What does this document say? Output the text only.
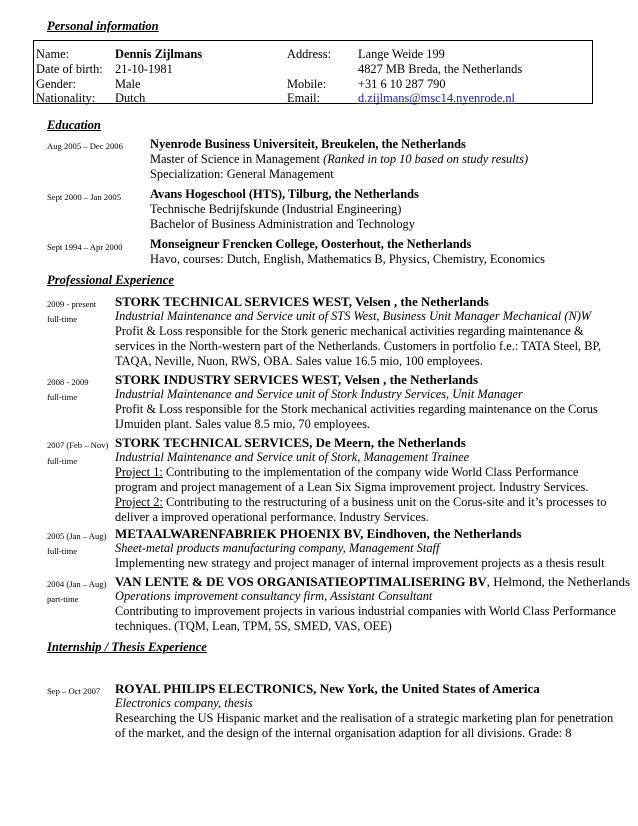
Personal information
Name:	Dennis Zijlmans
Date of birth: 21-10-1981
Gender:	Male
Nationality: Dutch
Address: Lange Weide 199
4827 MB Breda, the Netherlands
Mobile:	+31 6 10 287 790
Email:	d.zijlmans@msc14.nyenrode.nl
Education
Aug 2005 – Dec 2006 Nyenrode Business Universiteit, Breukelen, the Netherlands
Master of Science in Management (Ranked in top 10 based on study results)
Specialization: General Management
Sept 2000 – Jan 2005 Avans Hogeschool (HTS), Tilburg, the Netherlands
Technische Bedrijfskunde (Industrial Engineering)
Bachelor of Business Administration and Technology
Sept 1994 – Apr 2000 Monseigneur Frencken College, Oosterhout, the Netherlands
Havo, courses: Dutch, English, Mathematics B, Physics, Chemistry, Economics
Professional Experience
2009 - present
full-time
STORK TECHNICAL SERVICES WEST, Velsen , the Netherlands
Industrial Maintenance and Service unit of STS West, Business Unit Manager Mechanical (N)W
Profit & Loss responsible for the Stork generic mechanical activities regarding maintenance &
services in the North-western part of the Netherlands. Customers in portfolio f.e.: TATA Steel, BP,
TAQA, Neville, Nuon, RWS, OBA. Sales value 16.5 mio, 100 employees.
2008 - 2009
full-time
STORK INDUSTRY SERVICES WEST, Velsen , the Netherlands
Industrial Maintenance and Service unit of Stork Industry Services, Unit Manager
Profit & Loss responsible for the Stork mechanical activities regarding maintenance on the Corus
IJmuiden plant. Sales value 8.5 mio, 70 employees.
2007 (Feb – Nov)
full-time
STORK TECHNICAL SERVICES, De Meern, the Netherlands
Industrial Maintenance and Service unit of Stork, Management Trainee
Project 1: Contributing to the implementation of the company wide World Class Performance
program and project management of a Lean Six Sigma improvement project. Industry Services.
Project 2: Contributing to the restructuring of a business unit on the Corus-site and it’s processes to
deliver a improved operational performance. Industry Services.
2005 (Jan – Aug)
full-time
METAALWARENFABRIEK PHOENIX BV, Eindhoven, the Netherlands
Sheet-metal products manufacturing company, Management Staff
Implementing new strategy and project manager of internal improvement projects as a thesis result
2004 (Jan – Aug)
part-time
VAN LENTE & DE VOS ORGANISATIEOPTIMALISERING BV, Helmond, the Netherlands
Operations improvement consultancy firm, Assistant Consultant
Contributing to improvement projects in various industrial companies with World Class Performance
techniques. (TQM, Lean, TPM, 5S, SMED, VAS, OEE)
Internship / Thesis Experience
Sep – Oct 2007 ROYAL PHILIPS ELECTRONICS, New York, the United States of America
Electronics company, thesis
Researching the US Hispanic market and the realisation of a strategic marketing plan for penetration
of the market, and the design of the internal organisation adaption for all divisions. Grade: 8
